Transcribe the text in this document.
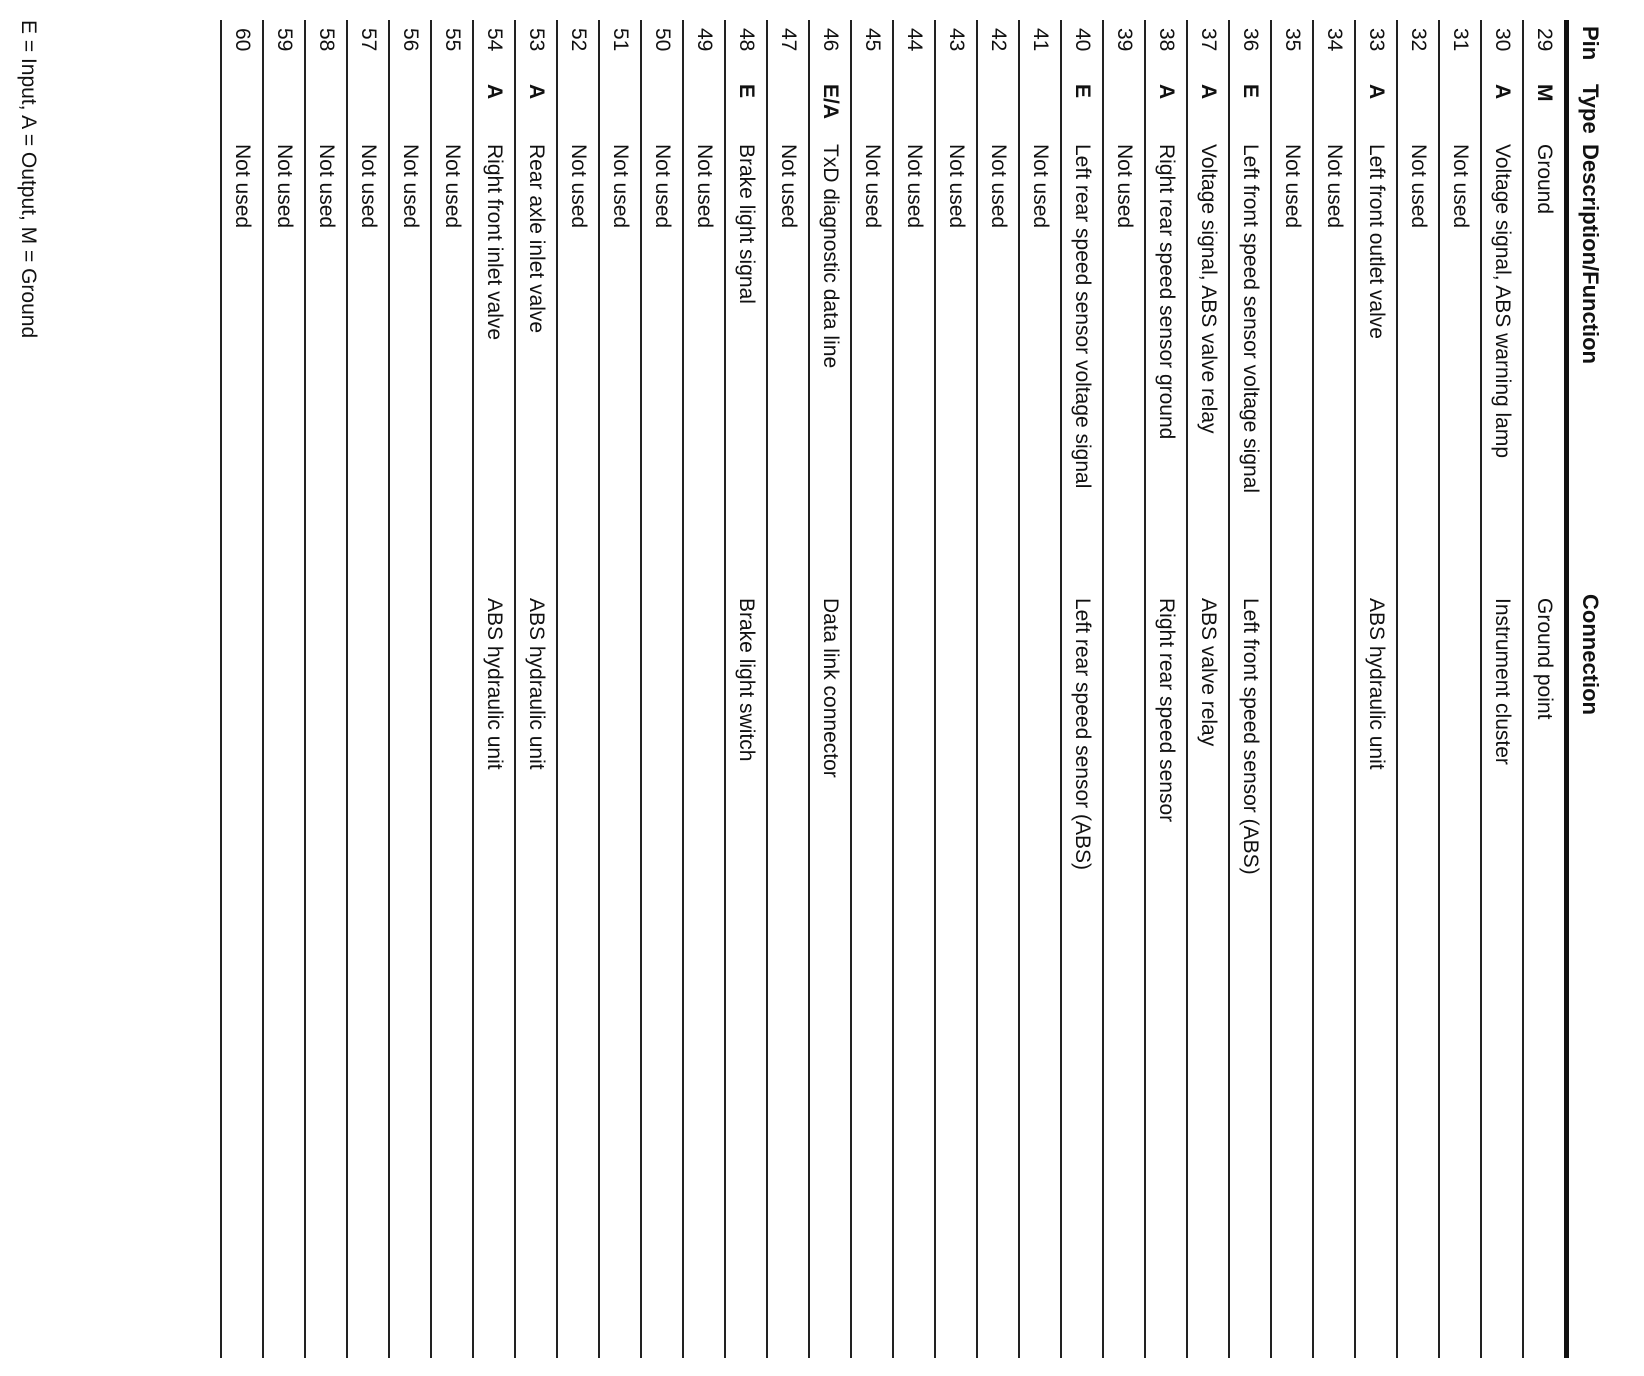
Pin	Type	Description/Function	Connection
29	M	Ground	Ground point
30	A	Voltage signal, ABS warning lamp	Instrument cluster
31		Not used	
32		Not used	
33	A	Left front outlet valve	ABS hydraulic unit
34		Not used	
35		Not used	
36	E	Left front speed sensor voltage signal	Left front speed sensor (ABS)
37	A	Voltage signal, ABS valve relay	ABS valve relay
38	A	Right rear speed sensor ground	Right rear speed sensor
39		Not used	
40	E	Left rear speed sensor voltage signal	Left rear speed sensor (ABS)
41		Not used	
42		Not used	
43		Not used	
44		Not used	
45		Not used	
46	E/A	TxD diagnostic data line	Data link connector
47		Not used	
48	E	Brake light signal	Brake light switch
49		Not used	
50		Not used	
51		Not used	
52		Not used	
53	A	Rear axle inlet valve	ABS hydraulic unit
54	A	Right front inlet valve	ABS hydraulic unit
55		Not used	
56		Not used	
57		Not used	
58		Not used	
59		Not used	
60		Not used	
E = Input, A = Output, M = Ground
